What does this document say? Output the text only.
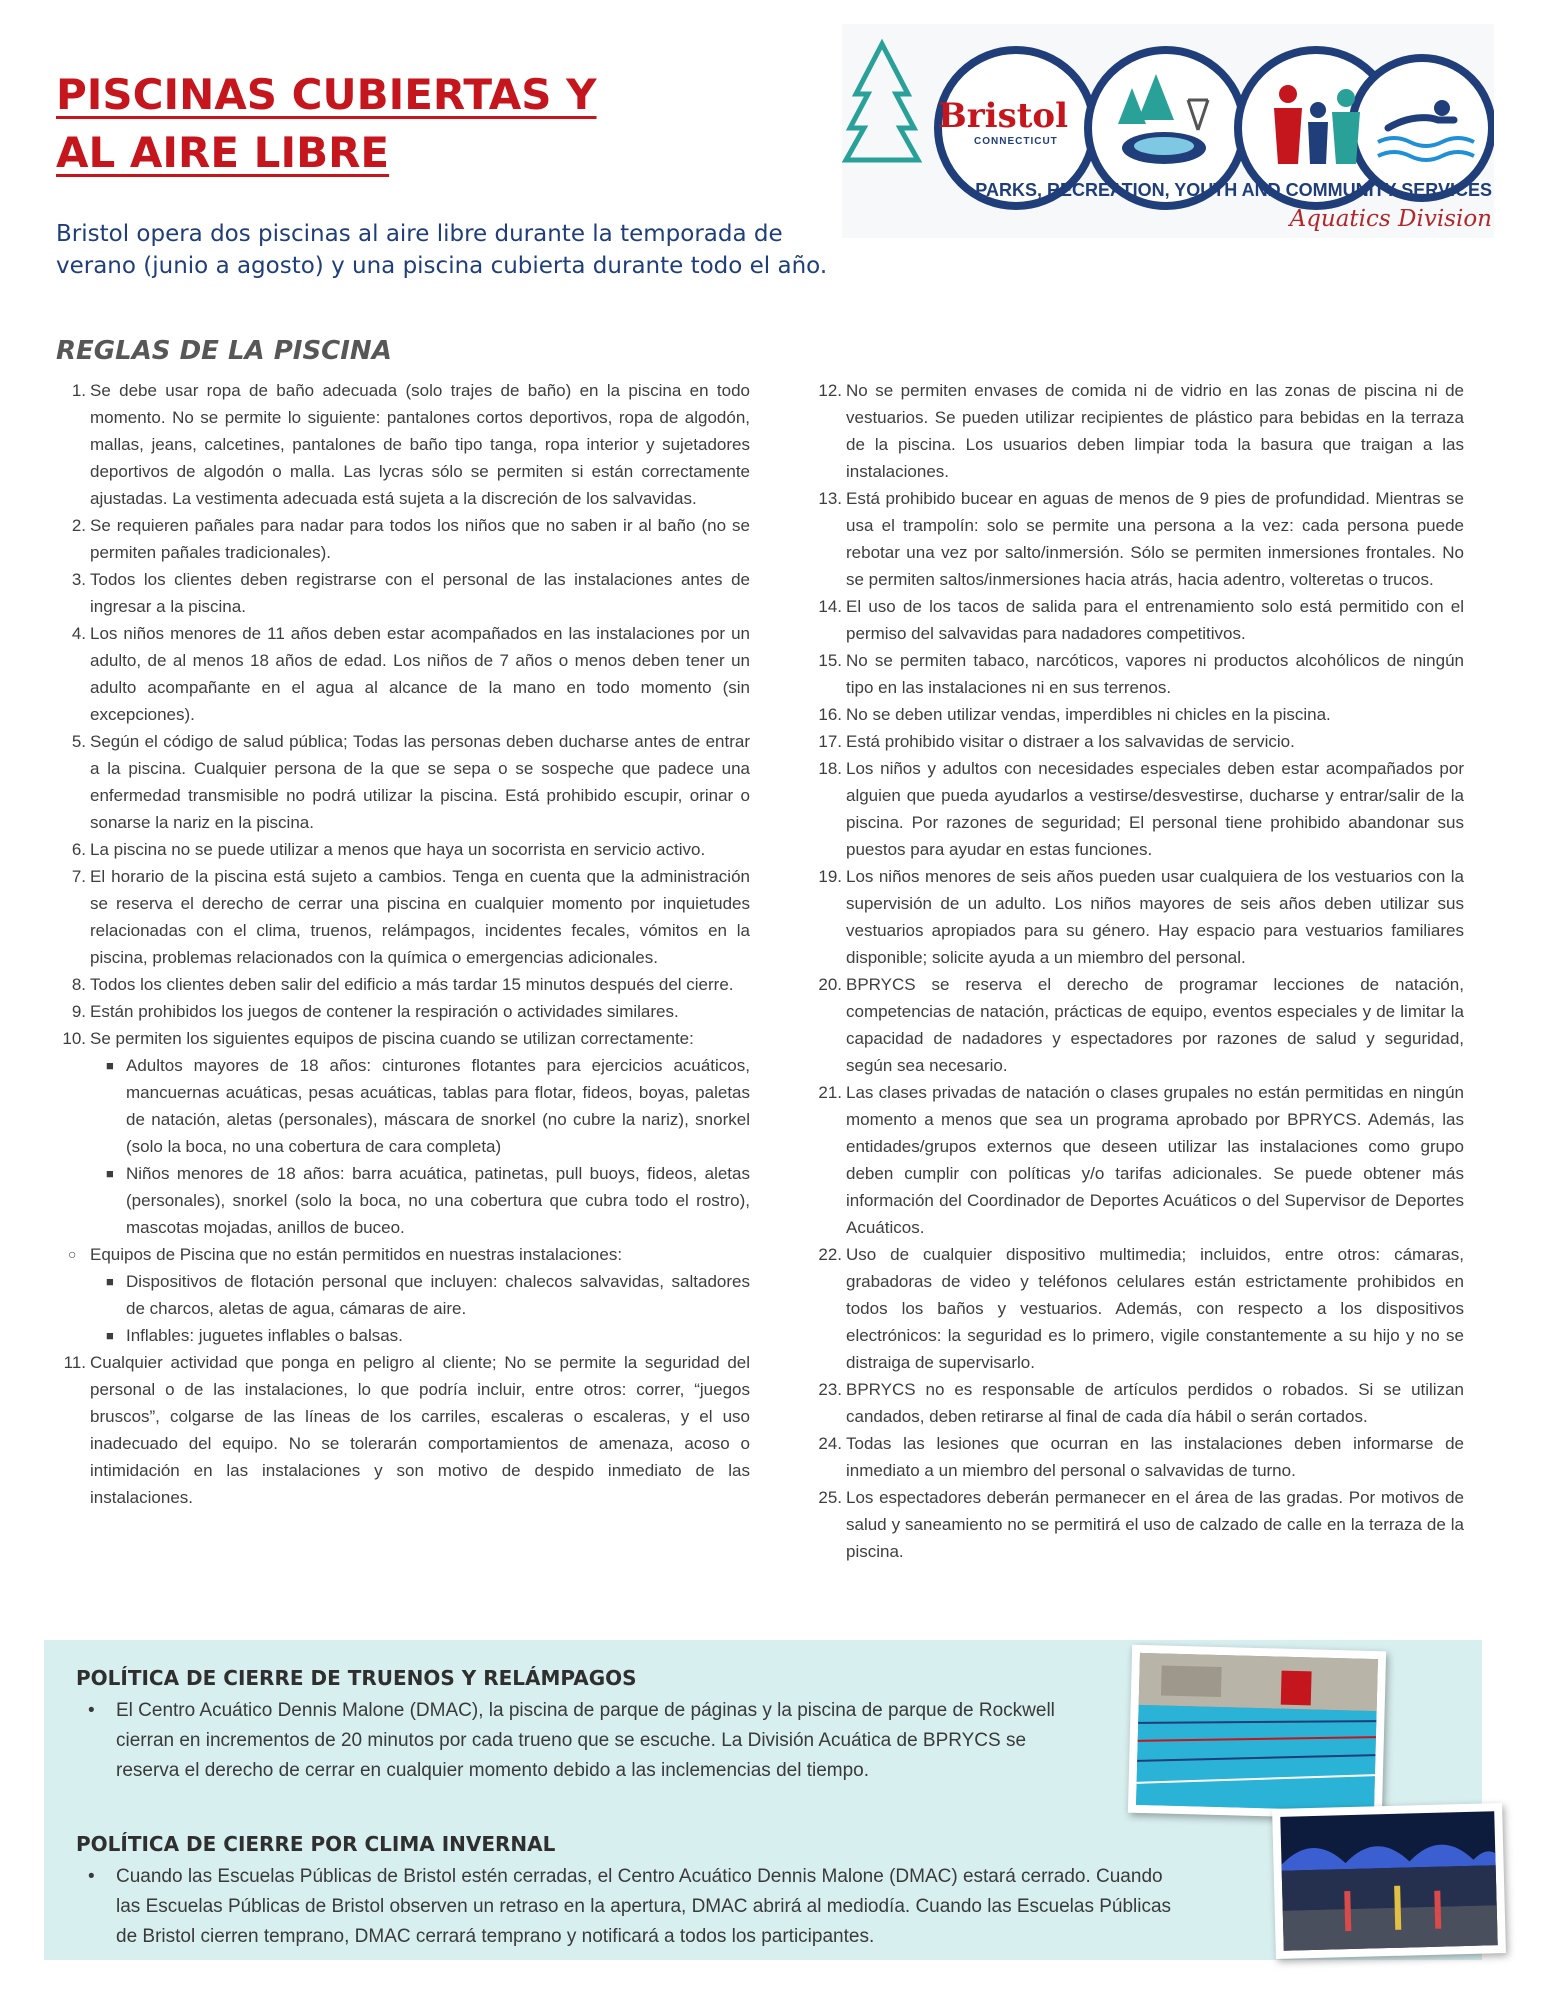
PISCINAS CUBIERTAS Y
AL AIRE LIBRE

Bristol opera dos piscinas al aire libre durante la temporada de verano (junio a agosto) y una piscina cubierta durante todo el año.

Bristol
CONNECTICUT
PARKS, RECREATION, YOUTH AND COMMUNITY SERVICES
Aquatics Division
REGLAS DE LA PISCINA
1. Se debe usar ropa de baño adecuada (solo trajes de baño) en la piscina en todo momento. No se permite lo siguiente: pantalones cortos deportivos, ropa de algodón, mallas, jeans, calcetines, pantalones de baño tipo tanga, ropa interior y sujetadores deportivos de algodón o malla. Las lycras sólo se permiten si están correctamente ajustadas. La vestimenta adecuada está sujeta a la discreción de los salvavidas.
2. Se requieren pañales para nadar para todos los niños que no saben ir al baño (no se permiten pañales tradicionales).
3. Todos los clientes deben registrarse con el personal de las instalaciones antes de ingresar a la piscina.
4. Los niños menores de 11 años deben estar acompañados en las instalaciones por un adulto, de al menos 18 años de edad. Los niños de 7 años o menos deben tener un adulto acompañante en el agua al alcance de la mano en todo momento (sin excepciones).
5. Según el código de salud pública; Todas las personas deben ducharse antes de entrar a la piscina. Cualquier persona de la que se sepa o se sospeche que padece una enfermedad transmisible no podrá utilizar la piscina. Está prohibido escupir, orinar o sonarse la nariz en la piscina.
6. La piscina no se puede utilizar a menos que haya un socorrista en servicio activo.
7. El horario de la piscina está sujeto a cambios. Tenga en cuenta que la administración se reserva el derecho de cerrar una piscina en cualquier momento por inquietudes relacionadas con el clima, truenos, relámpagos, incidentes fecales, vómitos en la piscina, problemas relacionados con la química o emergencias adicionales.
8. Todos los clientes deben salir del edificio a más tardar 15 minutos después del cierre.
9. Están prohibidos los juegos de contener la respiración o actividades similares.
10. Se permiten los siguientes equipos de piscina cuando se utilizan correctamente:
■ Adultos mayores de 18 años: cinturones flotantes para ejercicios acuáticos, mancuernas acuáticas, pesas acuáticas, tablas para flotar, fideos, boyas, paletas de natación, aletas (personales), máscara de snorkel (no cubre la nariz), snorkel (solo la boca, no una cobertura de cara completa)
■ Niños menores de 18 años: barra acuática, patinetas, pull buoys, fideos, aletas (personales), snorkel (solo la boca, no una cobertura que cubra todo el rostro), mascotas mojadas, anillos de buceo.
○ Equipos de Piscina que no están permitidos en nuestras instalaciones:
■ Dispositivos de flotación personal que incluyen: chalecos salvavidas, saltadores de charcos, aletas de agua, cámaras de aire.
■ Inflables: juguetes inflables o balsas.
11. Cualquier actividad que ponga en peligro al cliente; No se permite la seguridad del personal o de las instalaciones, lo que podría incluir, entre otros: correr, “juegos bruscos”, colgarse de las líneas de los carriles, escaleras o escaleras, y el uso inadecuado del equipo. No se tolerarán comportamientos de amenaza, acoso o intimidación en las instalaciones y son motivo de despido inmediato de las instalaciones.
12. No se permiten envases de comida ni de vidrio en las zonas de piscina ni de vestuarios. Se pueden utilizar recipientes de plástico para bebidas en la terraza de la piscina. Los usuarios deben limpiar toda la basura que traigan a las instalaciones.
13. Está prohibido bucear en aguas de menos de 9 pies de profundidad. Mientras se usa el trampolín: solo se permite una persona a la vez: cada persona puede rebotar una vez por salto/inmersión. Sólo se permiten inmersiones frontales. No se permiten saltos/inmersiones hacia atrás, hacia adentro, volteretas o trucos.
14. El uso de los tacos de salida para el entrenamiento solo está permitido con el permiso del salvavidas para nadadores competitivos.
15. No se permiten tabaco, narcóticos, vapores ni productos alcohólicos de ningún tipo en las instalaciones ni en sus terrenos.
16. No se deben utilizar vendas, imperdibles ni chicles en la piscina.
17. Está prohibido visitar o distraer a los salvavidas de servicio.
18. Los niños y adultos con necesidades especiales deben estar acompañados por alguien que pueda ayudarlos a vestirse/desvestirse, ducharse y entrar/salir de la piscina. Por razones de seguridad; El personal tiene prohibido abandonar sus puestos para ayudar en estas funciones.
19. Los niños menores de seis años pueden usar cualquiera de los vestuarios con la supervisión de un adulto. Los niños mayores de seis años deben utilizar sus vestuarios apropiados para su género. Hay espacio para vestuarios familiares disponible; solicite ayuda a un miembro del personal.
20. BPRYCS se reserva el derecho de programar lecciones de natación, competencias de natación, prácticas de equipo, eventos especiales y de limitar la capacidad de nadadores y espectadores por razones de salud y seguridad, según sea necesario.
21. Las clases privadas de natación o clases grupales no están permitidas en ningún momento a menos que sea un programa aprobado por BPRYCS. Además, las entidades/grupos externos que deseen utilizar las instalaciones como grupo deben cumplir con políticas y/o tarifas adicionales. Se puede obtener más información del Coordinador de Deportes Acuáticos o del Supervisor de Deportes Acuáticos.
22. Uso de cualquier dispositivo multimedia; incluidos, entre otros: cámaras, grabadoras de video y teléfonos celulares están estrictamente prohibidos en todos los baños y vestuarios. Además, con respecto a los dispositivos electrónicos: la seguridad es lo primero, vigile constantemente a su hijo y no se distraiga de supervisarlo.
23. BPRYCS no es responsable de artículos perdidos o robados. Si se utilizan candados, deben retirarse al final de cada día hábil o serán cortados.
24. Todas las lesiones que ocurran en las instalaciones deben informarse de inmediato a un miembro del personal o salvavidas de turno.
25. Los espectadores deberán permanecer en el área de las gradas. Por motivos de salud y saneamiento no se permitirá el uso de calzado de calle en la terraza de la piscina.
POLÍTICA DE CIERRE DE TRUENOS Y RELÁMPAGOS

• El Centro Acuático Dennis Malone (DMAC), la piscina de parque de páginas y la piscina de parque de Rockwell cierran en incrementos de 20 minutos por cada trueno que se escuche. La División Acuática de BPRYCS se reserva el derecho de cerrar en cualquier momento debido a las inclemencias del tiempo.

POLÍTICA DE CIERRE POR CLIMA INVERNAL

• Cuando las Escuelas Públicas de Bristol estén cerradas, el Centro Acuático Dennis Malone (DMAC) estará cerrado. Cuando las Escuelas Públicas de Bristol observen un retraso en la apertura, DMAC abrirá al mediodía. Cuando las Escuelas Públicas de Bristol cierren temprano, DMAC cerrará temprano y notificará a todos los participantes.
